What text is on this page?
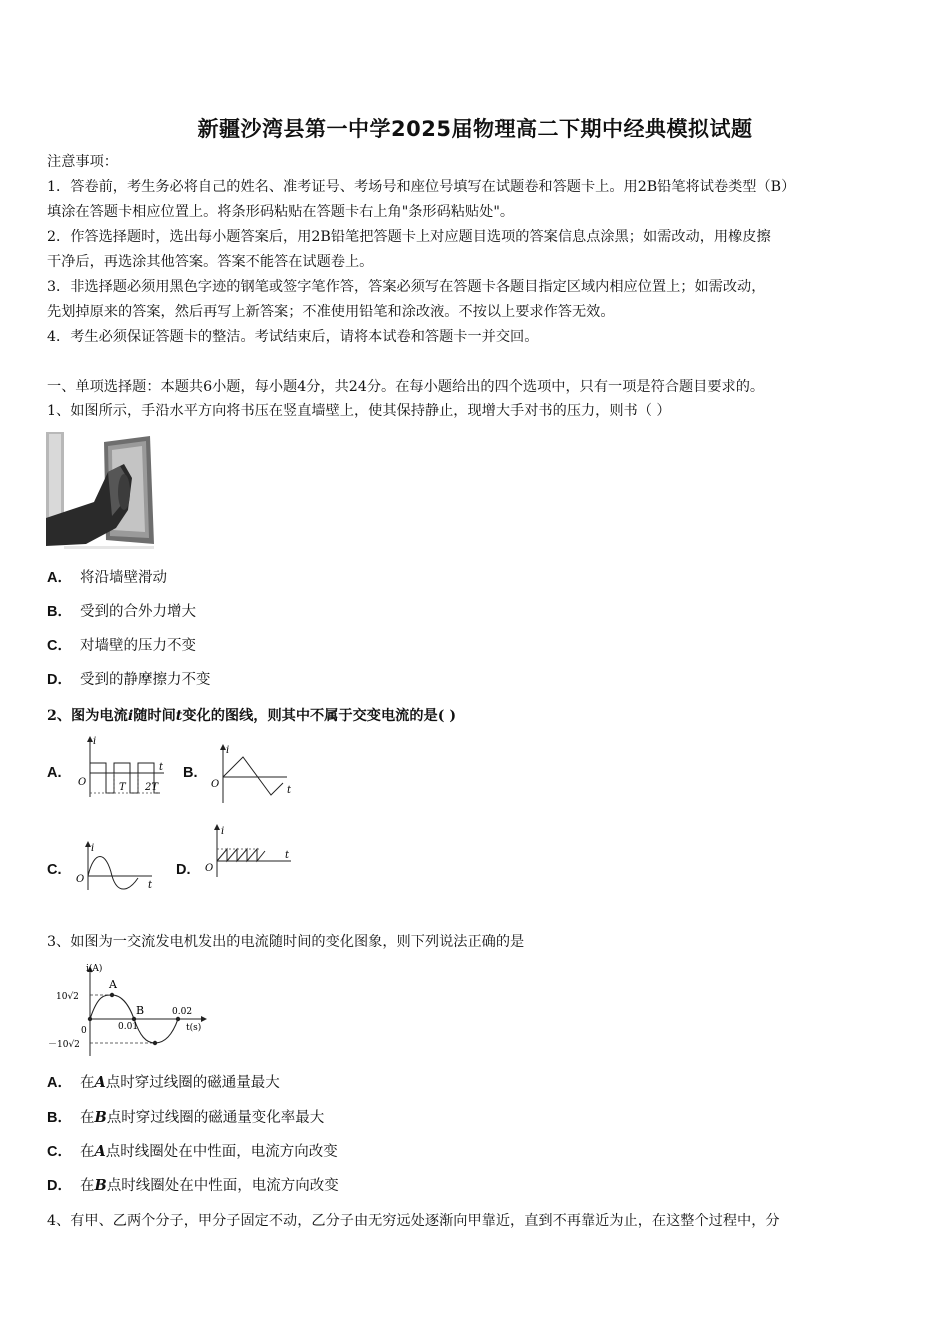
新疆沙湾县第一中学2025届物理高二下期中经典模拟试题
注意事项：
1．答卷前，考生务必将自己的姓名、准考证号、考场号和座位号填写在试题卷和答题卡上。用2B铅笔将试卷类型（B）
填涂在答题卡相应位置上。将条形码粘贴在答题卡右上角"条形码粘贴处"。
2．作答选择题时，选出每小题答案后，用2B铅笔把答题卡上对应题目选项的答案信息点涂黑；如需改动，用橡皮擦
干净后，再选涂其他答案。答案不能答在试题卷上。
3．非选择题必须用黑色字迹的钢笔或签字笔作答，答案必须写在答题卡各题目指定区域内相应位置上；如需改动，
先划掉原来的答案，然后再写上新答案；不准使用铅笔和涂改液。不按以上要求作答无效。
4．考生必须保证答题卡的整洁。考试结束后，请将本试卷和答题卡一并交回。
一、单项选择题：本题共6小题，每小题4分，共24分。在每小题给出的四个选项中，只有一项是符合题目要求的。
1、如图所示，手沿水平方向将书压在竖直墙壁上，使其保持静止，现增大手对书的压力，则书（ ）
A． 将沿墙壁滑动
B． 受到的合外力增大
C． 对墙壁的压力不变
D． 受到的静摩擦力不变
2、图为电流i随时间t变化的图线，则其中不属于交变电流的是( )
A.
i
t
O	T 2T
B.
i
t
O
C.
i
t
O
D.
i
t
O
3、如图为一交流发电机发出的电流随时间的变化图象，则下列说法正确的是
i(A)
t(s)
10√2
－10√2
0
A
B
0.01
0.02
A． 在A点时穿过线圈的磁通量最大
B． 在B点时穿过线圈的磁通量变化率最大
C． 在A点时线圈处在中性面，电流方向改变
D． 在B点时线圈处在中性面，电流方向改变
4、有甲、乙两个分子，甲分子固定不动，乙分子由无穷远处逐渐向甲靠近，直到不再靠近为止，在这整个过程中，分
